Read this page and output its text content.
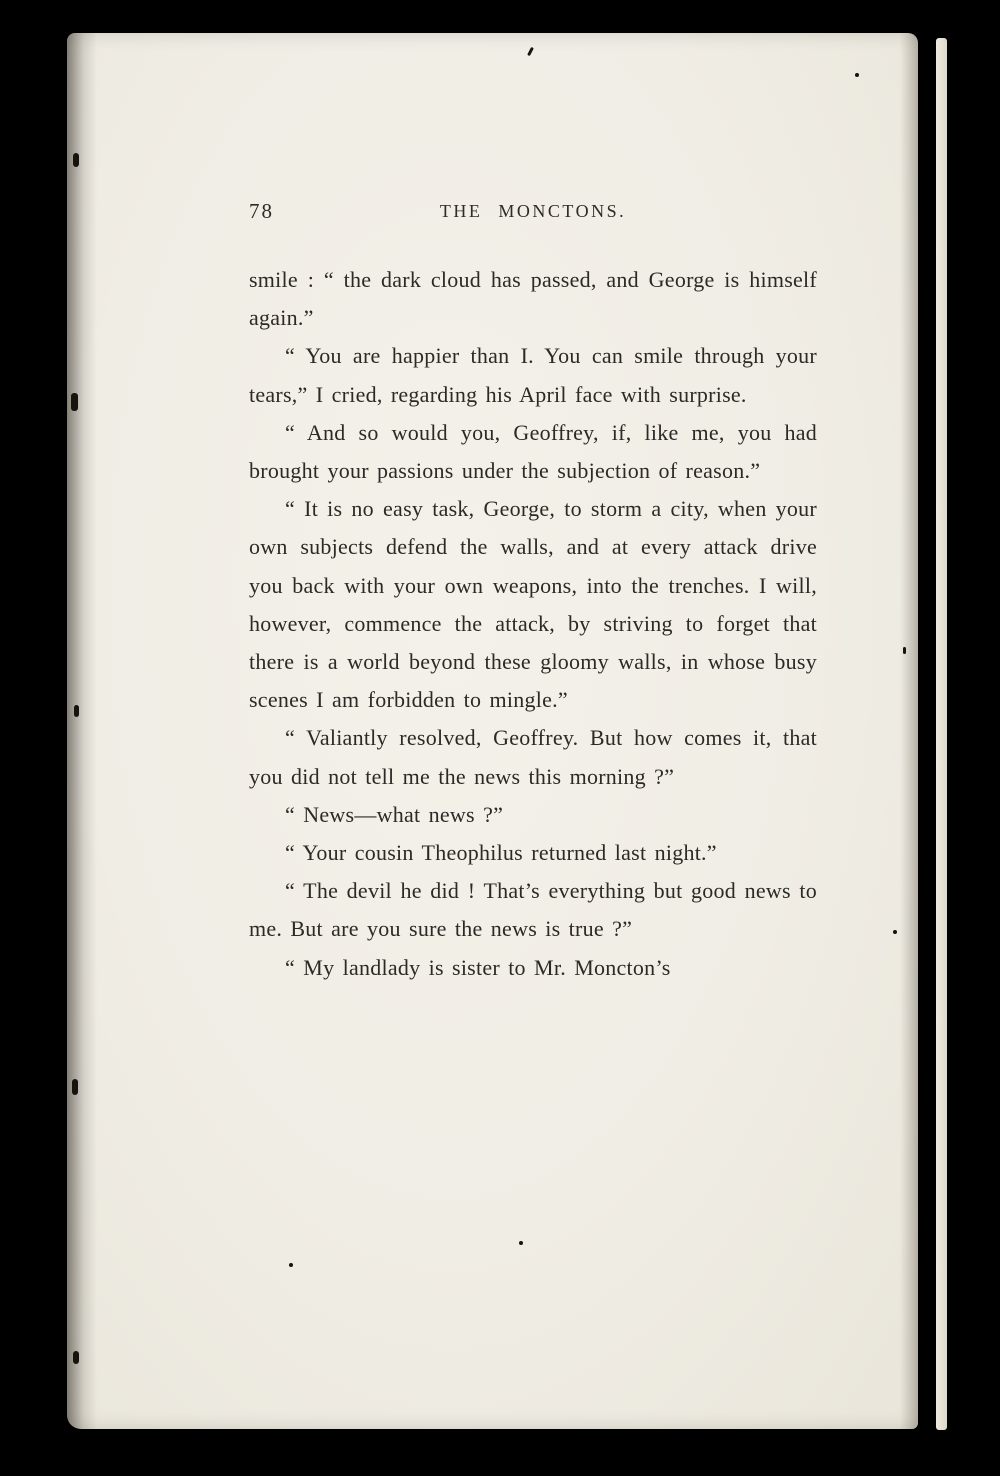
78	THE MONCTONS.

smile : “ the dark cloud has passed, and George is himself again.”

“ You are happier than I. You can smile through your tears,” I cried, regarding his April face with surprise.

“ And so would you, Geoffrey, if, like me, you had brought your passions under the subjection of reason.”

“ It is no easy task, George, to storm a city, when your own subjects defend the walls, and at every attack drive you back with your own weapons, into the trenches. I will, however, commence the attack, by striving to forget that there is a world beyond these gloomy walls, in whose busy scenes I am forbidden to mingle.”

“ Valiantly resolved, Geoffrey. But how comes it, that you did not tell me the news this morning ?”

“ News—what news ?”

“ Your cousin Theophilus returned last night.”

“ The devil he did ! That’s everything but good news to me. But are you sure the news is true ?”

“ My landlady is sister to Mr. Moncton’s
